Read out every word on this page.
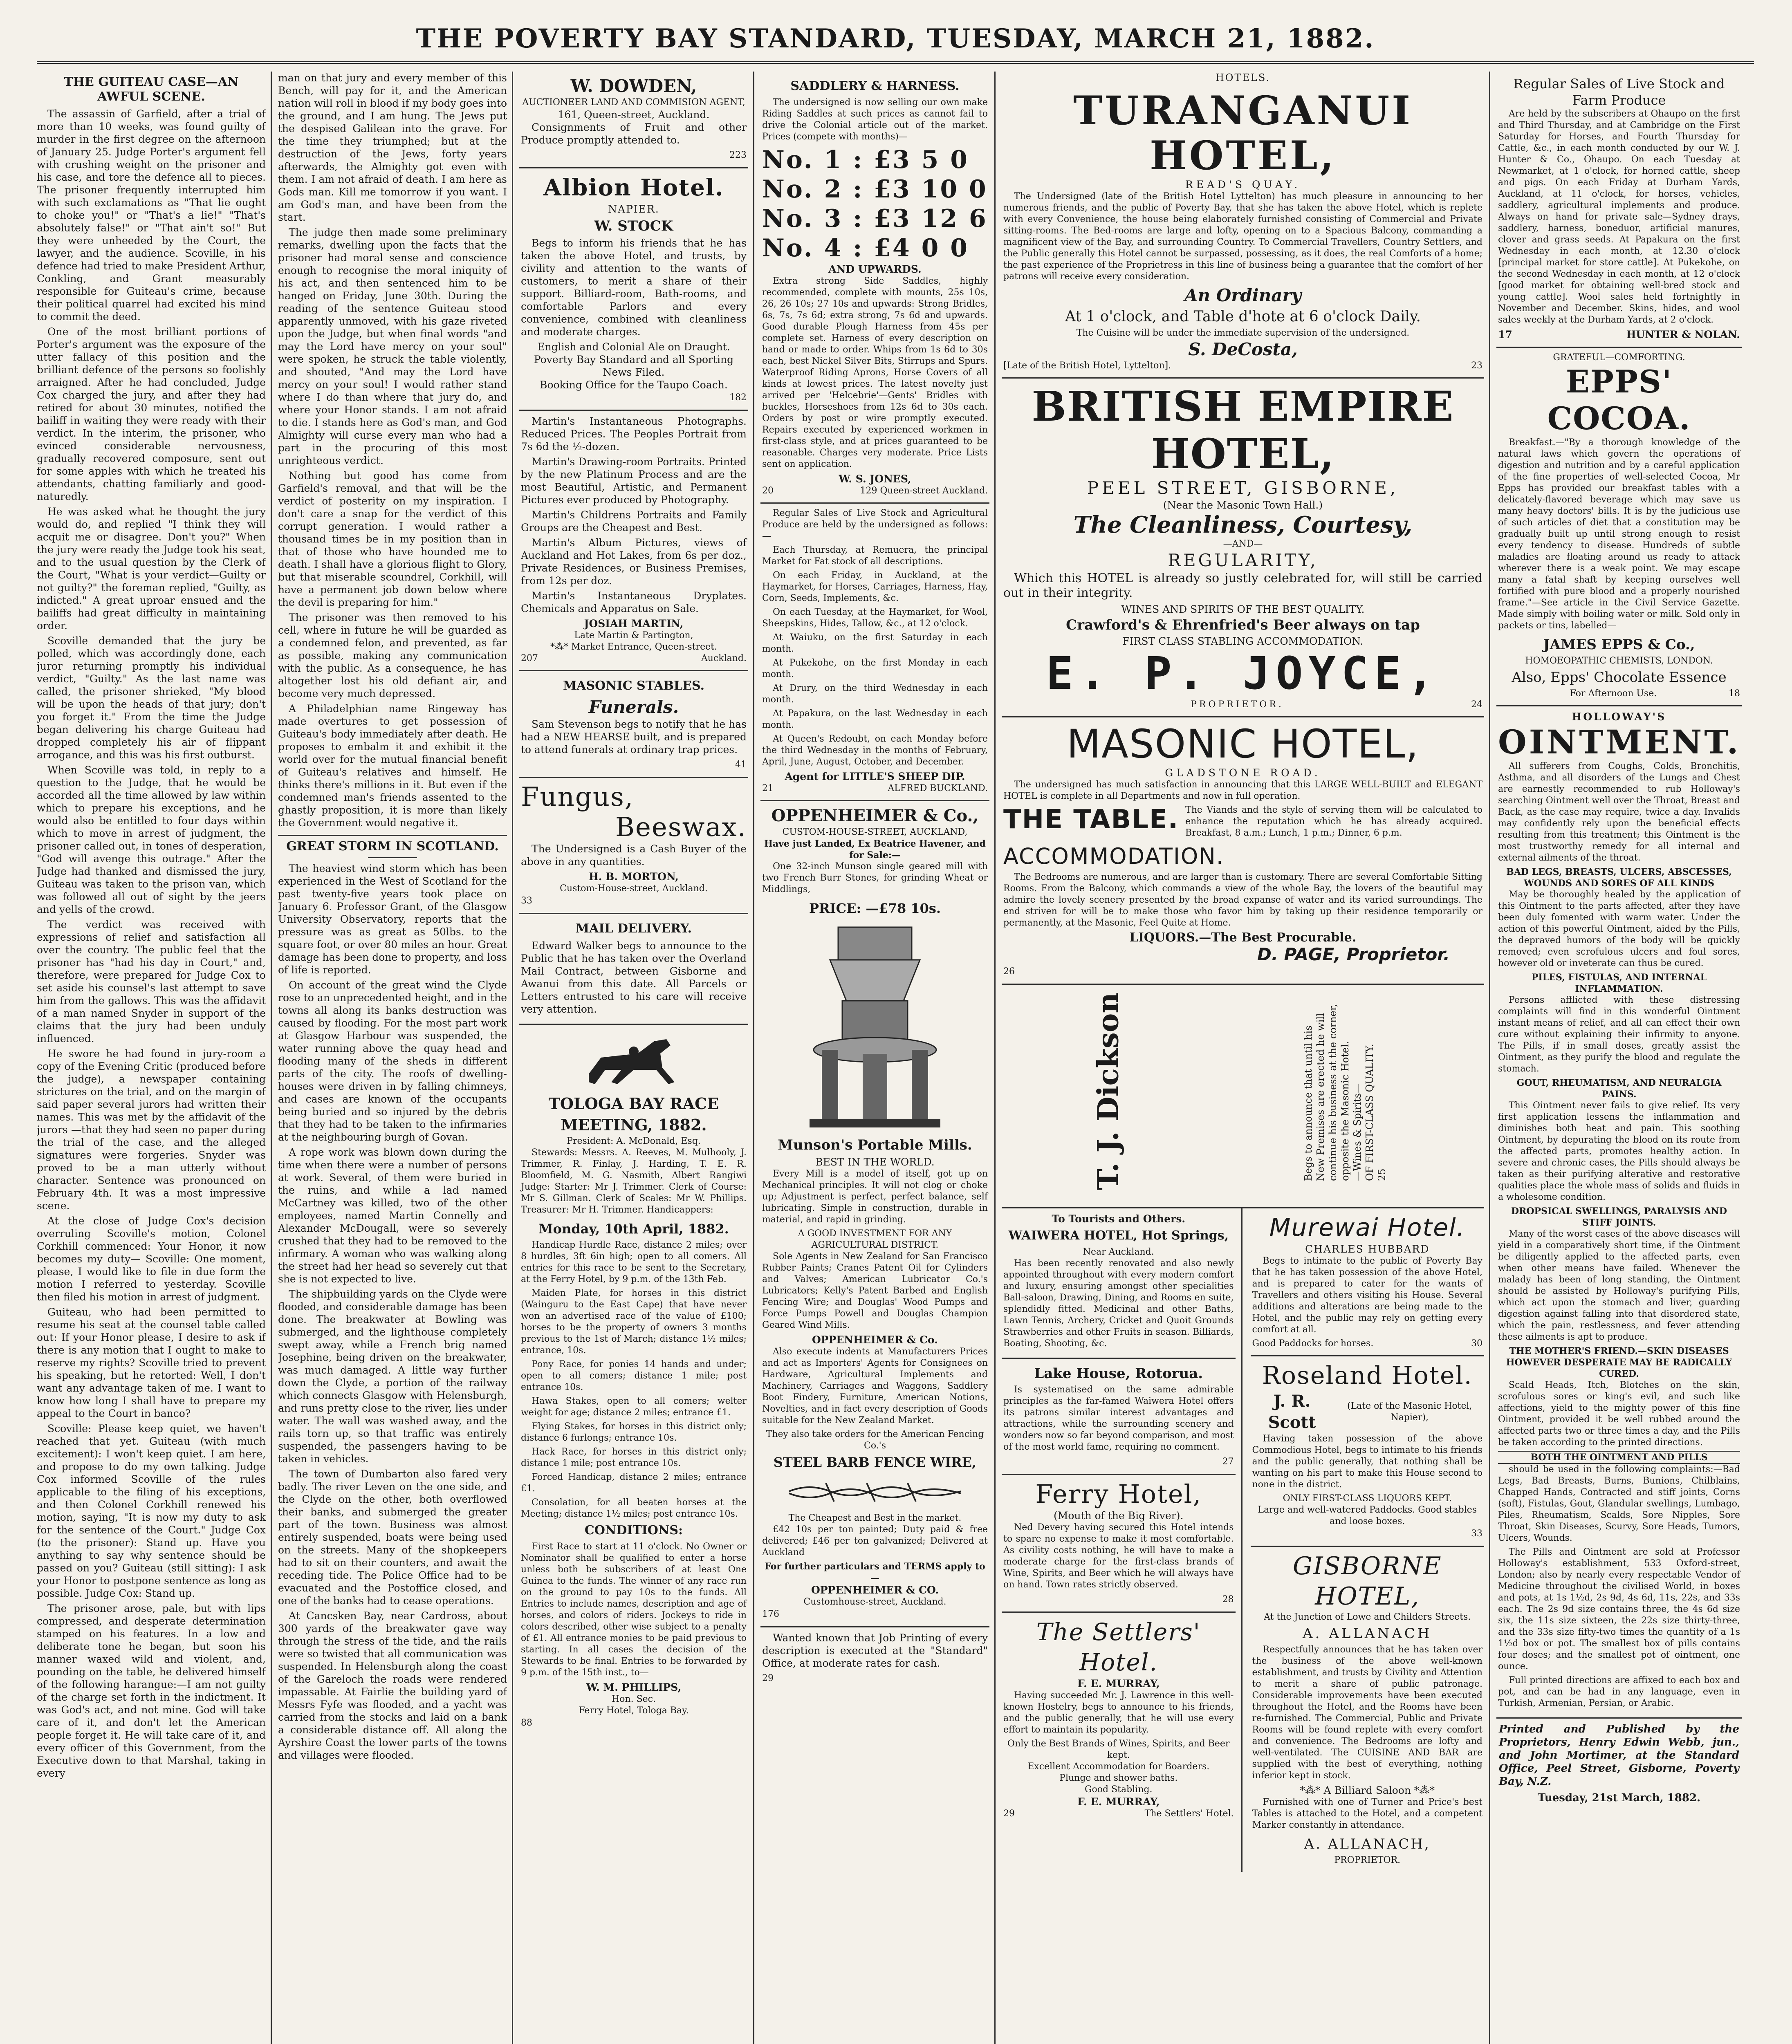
THE POVERTY BAY STANDARD, TUESDAY, MARCH 21, 1882.
THE GUITEAU CASE—AN AWFUL SCENE.

The assassin of Garfield, after a trial of more than 10 weeks, was found guilty of murder in the first degree on the afternoon of January 25. Judge Porter's argument fell with crushing weight on the prisoner and his case, and tore the defence all to pieces. The prisoner frequently interrupted him with such exclamations as "That lie ought to choke you!" or "That's a lie!" "That's absolutely false!" or "That ain't so!" But they were unheeded by the Court, the lawyer, and the audience. Scoville, in his defence had tried to make President Arthur, Conkling, and Grant measurably responsible for Guiteau's crime, because their political quarrel had excited his mind to commit the deed.

One of the most brilliant portions of Porter's argument was the exposure of the utter fallacy of this position and the brilliant defence of the persons so foolishly arraigned. After he had concluded, Judge Cox charged the jury, and after they had retired for about 30 minutes, notified the bailiff in waiting they were ready with their verdict. In the interim, the prisoner, who evinced considerable nervousness, gradually recovered composure, sent out for some apples with which he treated his attendants, chatting familiarly and good-naturedly.

He was asked what he thought the jury would do, and replied "I think they will acquit me or disagree. Don't you?" When the jury were ready the Judge took his seat, and to the usual question by the Clerk of the Court, "What is your verdict—Guilty or not guilty?" the foreman replied, "Guilty, as indicted." A great uproar ensued and the bailiffs had great difficulty in maintaining order.

Scoville demanded that the jury be polled, which was accordingly done, each juror returning promptly his individual verdict, "Guilty." As the last name was called, the prisoner shrieked, "My blood will be upon the heads of that jury; don't you forget it." From the time the Judge began delivering his charge Guiteau had dropped completely his air of flippant arrogance, and this was his first outburst.

When Scoville was told, in reply to a question to the Judge, that he would be accorded all the time allowed by law within which to prepare his exceptions, and he would also be entitled to four days within which to move in arrest of judgment, the prisoner called out, in tones of desperation, "God will avenge this outrage." After the Judge had thanked and dismissed the jury, Guiteau was taken to the prison van, which was followed all out of sight by the jeers and yells of the crowd.

The verdict was received with expressions of relief and satisfaction all over the country. The public feel that the prisoner has "had his day in Court," and, therefore, were prepared for Judge Cox to set aside his counsel's last attempt to save him from the gallows. This was the affidavit of a man named Snyder in support of the claims that the jury had been unduly influenced.

He swore he had found in jury-room a copy of the Evening Critic (produced before the judge), a newspaper containing strictures on the trial, and on the margin of said paper several jurors had written their names. This was met by the affidavit of the jurors —that they had seen no paper during the trial of the case, and the alleged signatures were forgeries. Snyder was proved to be a man utterly without character. Sentence was pronounced on February 4th. It was a most impressive scene.

At the close of Judge Cox's decision overruling Scoville's motion, Colonel Corkhill commenced: Your Honor, it now becomes my duty— Scoville: One moment, please, I would like to file in due form the motion I referred to yesterday. Scoville then filed his motion in arrest of judgment.

Guiteau, who had been permitted to resume his seat at the counsel table called out: If your Honor please, I desire to ask if there is any motion that I ought to make to reserve my rights? Scoville tried to prevent his speaking, but he retorted: Well, I don't want any advantage taken of me. I want to know how long I shall have to prepare my appeal to the Court in banco?

Scoville: Please keep quiet, we haven't reached that yet. Guiteau (with much excitement): I won't keep quiet. I am here, and propose to do my own talking. Judge Cox informed Scoville of the rules applicable to the filing of his exceptions, and then Colonel Corkhill renewed his motion, saying, "It is now my duty to ask for the sentence of the Court." Judge Cox (to the prisoner): Stand up. Have you anything to say why sentence should be passed on you? Guiteau (still sitting): I ask your Honor to postpone sentence as long as possible. Judge Cox: Stand up.

The prisoner arose, pale, but with lips compressed, and desperate determination stamped on his features. In a low and deliberate tone he began, but soon his manner waxed wild and violent, and, pounding on the table, he delivered himself of the following harangue:—I am not guilty of the charge set forth in the indictment. It was God's act, and not mine. God will take care of it, and don't let the American people forget it. He will take care of it, and every officer of this Government, from the Executive down to that Marshal, taking in every

man on that jury and every member of this Bench, will pay for it, and the American nation will roll in blood if my body goes into the ground, and I am hung. The Jews put the despised Galilean into the grave. For the time they triumphed; but at the destruction of the Jews, forty years afterwards, the Almighty got even with them. I am not afraid of death. I am here as Gods man. Kill me tomorrow if you want. I am God's man, and have been from the start.

The judge then made some preliminary remarks, dwelling upon the facts that the prisoner had moral sense and conscience enough to recognise the moral iniquity of his act, and then sentenced him to be hanged on Friday, June 30th. During the reading of the sentence Guiteau stood apparently unmoved, with his gaze riveted upon the Judge, but when final words "and may the Lord have mercy on your soul" were spoken, he struck the table violently, and shouted, "And may the Lord have mercy on your soul! I would rather stand where I do than where that jury do, and where your Honor stands. I am not afraid to die. I stands here as God's man, and God Almighty will curse every man who had a part in the procuring of this most unrighteous verdict.

Nothing but good has come from Garfield's removal, and that will be the verdict of posterity on my inspiration. I don't care a snap for the verdict of this corrupt generation. I would rather a thousand times be in my position than in that of those who have hounded me to death. I shall have a glorious flight to Glory, but that miserable scoundrel, Corkhill, will have a permanent job down below where the devil is preparing for him."

The prisoner was then removed to his cell, where in future he will be guarded as a condemned felon, and prevented, as far as possible, making any communication with the public. As a consequence, he has altogether lost his old defiant air, and become very much depressed.

A Philadelphian name Ringeway has made overtures to get possession of Guiteau's body immediately after death. He proposes to embalm it and exhibit it the world over for the mutual financial benefit of Guiteau's relatives and himself. He thinks there's millions in it. But even if the condemned man's friends assented to the ghastly proposition, it is more than likely the Government would negative it.

GREAT STORM IN SCOTLAND.

The heaviest wind storm which has been experienced in the West of Scotland for the past twenty-five years took place on January 6. Professor Grant, of the Glasgow University Observatory, reports that the pressure was as great as 50lbs. to the square foot, or over 80 miles an hour. Great damage has been done to property, and loss of life is reported.

On account of the great wind the Clyde rose to an unprecedented height, and in the towns all along its banks destruction was caused by flooding. For the most part work at Glasgow Harbour was suspended, the water running above the quay head and flooding many of the sheds in different parts of the city. The roofs of dwelling-houses were driven in by falling chimneys, and cases are known of the occupants being buried and so injured by the debris that they had to be taken to the infirmaries at the neighbouring burgh of Govan.

A rope work was blown down during the time when there were a number of persons at work. Several, of them were buried in the ruins, and while a lad named McCartney was killed, two of the other employees, named Martin Connelly and Alexander McDougall, were so severely crushed that they had to be removed to the infirmary. A woman who was walking along the street had her head so severely cut that she is not expected to live.

The shipbuilding yards on the Clyde were flooded, and considerable damage has been done. The breakwater at Bowling was submerged, and the lighthouse completely swept away, while a French brig named Josephine, being driven on the breakwater, was much damaged. A little way further down the Clyde, a portion of the railway which connects Glasgow with Helensburgh, and runs pretty close to the river, lies under water. The wall was washed away, and the rails torn up, so that traffic was entirely suspended, the passengers having to be taken in vehicles.

The town of Dumbarton also fared very badly. The river Leven on the one side, and the Clyde on the other, both overflowed their banks, and submerged the greater part of the town. Business was almost entirely suspended, boats were being used on the streets. Many of the shopkeepers had to sit on their counters, and await the receding tide. The Police Office had to be evacuated and the Postoffice closed, and one of the banks had to cease operations.

At Cancsken Bay, near Cardross, about 300 yards of the breakwater gave way through the stress of the tide, and the rails were so twisted that all communication was suspended. In Helensburgh along the coast of the Gareloch the roads were rendered impassable. At Fairlie the building yard of Messrs Fyfe was flooded, and a yacht was carried from the stocks and laid on a bank a considerable distance off. All along the Ayrshire Coast the lower parts of the towns and villages were flooded.

W. DOWDEN,
AUCTIONEER LAND AND COMMISION AGENT,
161, Queen-street, Auckland.

Consignments of Fruit and other Produce promptly attended to.

223
Albion Hotel.
NAPIER.
W. STOCK

Begs to inform his friends that he has taken the above Hotel, and trusts, by civility and attention to the wants of customers, to merit a share of their support. Billiard-room, Bath-rooms, and comfortable Parlors and every convenience, combined with cleanliness and moderate charges.

English and Colonial Ale on Draught.
Poverty Bay Standard and all Sporting News Filed.
Booking Office for the Taupo Coach.
182

Martin's Instantaneous Photographs. Reduced Prices. The Peoples Portrait from 7s 6d the ½-dozen.

Martin's Drawing-room Portraits. Printed by the new Platinum Process and are the most Beautiful, Artistic, and Permanent Pictures ever produced by Photography.

Martin's Childrens Portraits and Family Groups are the Cheapest and Best.

Martin's Album Pictures, views of Auckland and Hot Lakes, from 6s per doz., Private Residences, or Business Premises, from 12s per doz.

Martin's Instantaneous Dryplates. Chemicals and Apparatus on Sale.

JOSIAH MARTIN,
Late Martin & Partington,
*⁂* Market Entrance, Queen-street.
207	Auckland.
MASONIC STABLES.
Funerals.

Sam Stevenson begs to notify that he has had a NEW HEARSE built, and is prepared to attend funerals at ordinary trap prices.

41
Fungus,
Beeswax.

The Undersigned is a Cash Buyer of the above in any quantities.

H. B. MORTON,
Custom-House-street, Auckland.
33
MAIL DELIVERY.

Edward Walker begs to announce to the Public that he has taken over the Overland Mail Contract, between Gisborne and Awanui from this date. All Parcels or Letters entrusted to his care will receive very attention.

TOLOGA BAY RACE
MEETING, 1882.
President: A. McDonald, Esq.

Stewards: Messrs. A. Reeves, M. Mulhooly, J. Trimmer, R. Finlay, J. Harding, T. E. R. Bloomfield, M. G. Nasmith, Albert Rangiwi Judge: Starter: Mr J. Trimmer. Clerk of Course: Mr S. Gillman. Clerk of Scales: Mr W. Phillips. Treasurer: Mr H. Trimmer. Handicappers:

Monday, 10th April, 1882.

Handicap Hurdle Race, distance 2 miles; over 8 hurdles, 3ft 6in high; open to all comers. All entries for this race to be sent to the Secretary, at the Ferry Hotel, by 9 p.m. of the 13th Feb.

Maiden Plate, for horses in this district (Wainguru to the East Cape) that have never won an advertised race of the value of £100; horses to be the property of owners 3 months previous to the 1st of March; distance 1½ miles; entrance, 10s.

Pony Race, for ponies 14 hands and under; open to all comers; distance 1 mile; post entrance 10s.

Hawa Stakes, open to all comers; welter weight for age; distance 2 miles; entrance £1.

Flying Stakes, for horses in this district only; distance 6 furlongs; entrance 10s.

Hack Race, for horses in this district only; distance 1 mile; post entrance 10s.

Forced Handicap, distance 2 miles; entrance £1.

Consolation, for all beaten horses at the Meeting; distance 1½ miles; post entrance 10s.

CONDITIONS:

First Race to start at 11 o'clock. No Owner or Nominator shall be qualified to enter a horse unless both be subscribers of at least One Guinea to the funds. The winner of any race run on the ground to pay 10s to the funds. All Entries to include names, description and age of horses, and colors of riders. Jockeys to ride in colors described, other wise subject to a penalty of £1. All entrance monies to be paid previous to starting. In all cases the decision of the Stewards to be final. Entries to be forwarded by 9 p.m. of the 15th inst., to—

W. M. PHILLIPS,
Hon. Sec.
Ferry Hotel, Tologa Bay.
88
SADDLERY & HARNESS.

The undersigned is now selling our own make Riding Saddles at such prices as cannot fail to drive the Colonial article out of the market. Prices (compete with months)—

No. 1 : £3 5 0
No. 2 : £3 10 0
No. 3 : £3 12 6
No. 4 : £4 0 0
AND UPWARDS.

Extra strong Side Saddles, highly recommended, complete with mounts, 25s 10s, 26, 26 10s; 27 10s and upwards: Strong Bridles, 6s, 7s, 7s 6d; extra strong, 7s 6d and upwards. Good durable Plough Harness from 45s per complete set. Harness of every description on hand or made to order. Whips from 1s 6d to 30s each, best Nickel Silver Bits, Stirrups and Spurs. Waterproof Riding Aprons, Horse Covers of all kinds at lowest prices. The latest novelty just arrived per 'Helcebrie'—Gents' Bridles with buckles, Horseshoes from 12s 6d to 30s each. Orders by post or wire promptly executed. Repairs executed by experienced workmen in first-class style, and at prices guaranteed to be reasonable. Charges very moderate. Price Lists sent on application.

W. S. JONES,
20	129 Queen-street Auckland.

Regular Sales of Live Stock and Agricultural Produce are held by the undersigned as follows:—

Each Thursday, at Remuera, the principal Market for Fat stock of all descriptions.

On each Friday, in Auckland, at the Haymarket, for Horses, Carriages, Harness, Hay, Corn, Seeds, Implements, &c.

On each Tuesday, at the Haymarket, for Wool, Sheepskins, Hides, Tallow, &c., at 12 o'clock.

At Waiuku, on the first Saturday in each month.

At Pukekohe, on the first Monday in each month.

At Drury, on the third Wednesday in each month.

At Papakura, on the last Wednesday in each month.

At Queen's Redoubt, on each Monday before the third Wednesday in the months of February, April, June, August, October, and December.

Agent for LITTLE'S SHEEP DIP.
21	ALFRED BUCKLAND.
OPPENHEIMER & Co.,
CUSTOM-HOUSE-STREET, AUCKLAND,
Have just Landed, Ex Beatrice Havener, and for Sale:—

One 32-inch Munson single geared mill with two French Burr Stones, for grinding Wheat or Middlings,

PRICE: —£78 10s.
Munson's Portable Mills.
BEST IN THE WORLD.

Every Mill is a model of itself, got up on Mechanical principles. It will not clog or choke up; Adjustment is perfect, perfect balance, self lubricating. Simple in construction, durable in material, and rapid in grinding.

A GOOD INVESTMENT FOR ANY AGRICULTURAL DISTRICT.

Sole Agents in New Zealand for San Francisco Rubber Paints; Cranes Patent Oil for Cylinders and Valves; American Lubricator Co.'s Lubricators; Kelly's Patent Barbed and English Fencing Wire; and Douglas' Wood Pumps and Force Pumps Powell and Douglas Champion Geared Wind Mills.

OPPENHEIMER & Co.

Also execute indents at Manufacturers Prices and act as Importers' Agents for Consignees on Hardware, Agricultural Implements and Machinery, Carriages and Waggons, Saddlery Boot Findery, Furniture, American Notions, Novelties, and in fact every description of Goods suitable for the New Zealand Market.

They also take orders for the American Fencing Co.'s
STEEL BARB FENCE WIRE,
The Cheapest and Best in the market.

£42 10s per ton painted; Duty paid & free delivered; £46 per ton galvanized; Delivered at Auckland

For further particulars and TERMS apply to—
OPPENHEIMER & CO.
Customhouse-street, Auckland.
176

Wanted known that Job Printing of every description is executed at the "Standard" Office, at moderate rates for cash.

29
HOTELS.
TURANGANUI HOTEL,
READ'S QUAY.

The Undersigned (late of the British Hotel Lyttelton) has much pleasure in announcing to her numerous friends, and the public of Poverty Bay, that she has taken the above Hotel, which is replete with every Convenience, the house being elaborately furnished consisting of Commercial and Private sitting-rooms. The Bed-rooms are large and lofty, opening on to a Spacious Balcony, commanding a magnificent view of the Bay, and surrounding Country. To Commercial Travellers, Country Settlers, and the Public generally this Hotel cannot be surpassed, possessing, as it does, the real Comforts of a home; the past experience of the Proprietress in this line of business being a guarantee that the comfort of her patrons will receive every consideration.

An Ordinary
At 1 o'clock, and Table d'hote at 6 o'clock Daily.
The Cuisine will be under the immediate supervision of the undersigned.
S. DeCosta,
[Late of the British Hotel, Lyttelton].	23
BRITISH EMPIRE HOTEL,
PEEL STREET, GISBORNE,
(Near the Masonic Town Hall.)
The Cleanliness, Courtesy,
—AND—
REGULARITY,

Which this HOTEL is already so justly celebrated for, will still be carried out in their integrity.

WINES AND SPIRITS OF THE BEST QUALITY.
Crawford's & Ehrenfried's Beer always on tap
FIRST CLASS STABLING ACCOMMODATION.
E. P. JOYCE,
PROPRIETOR.	24
MASONIC HOTEL,
GLADSTONE ROAD.

The undersigned has much satisfaction in announcing that this LARGE WELL-BUILT and ELEGANT HOTEL is complete in all Departments and now in full operation.

THE TABLE. The Viands and the style of serving them will be calculated to enhance the reputation which he has already acquired. Breakfast, 8 a.m.; Lunch, 1 p.m.; Dinner, 6 p.m.

ACCOMMODATION.

The Bedrooms are numerous, and are larger than is customary. There are several Comfortable Sitting Rooms. From the Balcony, which commands a view of the whole Bay, the lovers of the beautiful may admire the lovely scenery presented by the broad expanse of water and its varied surroundings. The end striven for will be to make those who favor him by taking up their residence temporarily or permanently, at the Masonic, Feel Quite at Home.

LIQUORS.—The Best Procurable.
D. PAGE, Proprietor.
26
T. J. Dickson	Begs to announce that until his New Premises are erected he will continue his business at the corner, opposite the Masonic Hotel. —Wines & Spirits— OF FIRST-CLASS QUALITY. 25
To Tourists and Others.
WAIWERA HOTEL, Hot Springs,
Near Auckland.

Has been recently renovated and also newly appointed throughout with every modern comfort and luxury, ensuring amongst other specialities Ball-saloon, Drawing, Dining, and Rooms en suite, splendidly fitted. Medicinal and other Baths, Lawn Tennis, Archery, Cricket and Quoit Grounds Strawberries and other Fruits in season. Billiards, Boating, Shooting, &c.

Lake House, Rotorua.

Is systematised on the same admirable principles as the far-famed Waiwera Hotel offers its patrons similar interest advantages and attractions, while the surrounding scenery and wonders now so far beyond comparison, and most of the most world fame, requiring no comment.

27
Ferry Hotel,
(Mouth of the Big River).

Ned Devery having secured this Hotel intends to spare no expense to make it most comfortable. As civility costs nothing, he will have to make a moderate charge for the first-class brands of Wine, Spirits, and Beer which he will always have on hand. Town rates strictly observed.

28
The Settlers' Hotel.
F. E. MURRAY,

Having succeeded Mr. J. Lawrence in this well-known Hostelry, begs to announce to his friends, and the public generally, that he will use every effort to maintain its popularity.

Only the Best Brands of Wines, Spirits, and Beer kept.
Excellent Accommodation for Boarders.
Plunge and shower baths.
Good Stabling.
F. E. MURRAY,
29	The Settlers' Hotel.
Murewai Hotel.
CHARLES HUBBARD

Begs to intimate to the public of Poverty Bay that he has taken possession of the above Hotel, and is prepared to cater for the wants of Travellers and others visiting his House. Several additions and alterations are being made to the Hotel, and the public may rely on getting every comfort at all.

Good Paddocks for horses.	30
Roseland Hotel.
J. R. Scott
(Late of the Masonic Hotel, Napier),

Having taken possession of the above Commodious Hotel, begs to intimate to his friends and the public generally, that nothing shall be wanting on his part to make this House second to none in the district.

ONLY FIRST-CLASS LIQUORS KEPT.
Large and well-watered Paddocks. Good stables and loose boxes.
33
GISBORNE HOTEL,
At the Junction of Lowe and Childers Streets.
A. ALLANACH

Respectfully announces that he has taken over the business of the above well-known establishment, and trusts by Civility and Attention to merit a share of public patronage. Considerable improvements have been executed throughout the Hotel, and the Rooms have been re-furnished. The Commercial, Public and Private Rooms will be found replete with every comfort and convenience. The Bedrooms are lofty and well-ventilated. The CUISINE AND BAR are supplied with the best of everything, nothing inferior kept in stock.

*⁂* A Billiard Saloon *⁂*

Furnished with one of Turner and Price's best Tables is attached to the Hotel, and a competent Marker constantly in attendance.

A. ALLANACH,
PROPRIETOR.
Regular Sales of Live Stock and Farm Produce

Are held by the subscribers at Ohaupo on the first and Third Thursday, and at Cambridge on the First Saturday for Horses, and Fourth Thursday for Cattle, &c., in each month conducted by our W. J. Hunter & Co., Ohaupo. On each Tuesday at Newmarket, at 1 o'clock, for horned cattle, sheep and pigs. On each Friday at Durham Yards, Auckland, at 11 o'clock, for horses, vehicles, saddlery, agricultural implements and produce. Always on hand for private sale—Sydney drays, saddlery, harness, boneduor, artificial manures, clover and grass seeds. At Papakura on the first Wednesday in each month, at 12.30 o'clock [principal market for store cattle]. At Pukekohe, on the second Wednesday in each month, at 12 o'clock [good market for obtaining well-bred stock and young cattle]. Wool sales held fortnightly in November and December. Skins, hides, and wool sales weekly at the Durham Yards, at 2 o'clock.

17	HUNTER & NOLAN.
GRATEFUL—COMFORTING.
EPPS' COCOA.

Breakfast.—"By a thorough knowledge of the natural laws which govern the operations of digestion and nutrition and by a careful application of the fine properties of well-selected Cocoa, Mr Epps has provided our breakfast tables with a delicately-flavored beverage which may save us many heavy doctors' bills. It is by the judicious use of such articles of diet that a constitution may be gradually built up until strong enough to resist every tendency to disease. Hundreds of subtle maladies are floating around us ready to attack wherever there is a weak point. We may escape many a fatal shaft by keeping ourselves well fortified with pure blood and a properly nourished frame."—See article in the Civil Service Gazette. Made simply with boiling water or milk. Sold only in packets or tins, labelled—

JAMES EPPS & Co.,
HOMOEOPATHIC CHEMISTS, LONDON.
Also, Epps' Chocolate Essence
For Afternoon Use.	18
HOLLOWAY'S
OINTMENT.

All sufferers from Coughs, Colds, Bronchitis, Asthma, and all disorders of the Lungs and Chest are earnestly recommended to rub Holloway's searching Ointment well over the Throat, Breast and Back, as the case may require, twice a day. Invalids may confidently rely upon the beneficial effects resulting from this treatment; this Ointment is the most trustworthy remedy for all internal and external ailments of the throat.

BAD LEGS, BREASTS, ULCERS, ABSCESSES, WOUNDS AND SORES OF ALL KINDS

May be thoroughly healed by the application of this Ointment to the parts affected, after they have been duly fomented with warm water. Under the action of this powerful Ointment, aided by the Pills, the depraved humors of the body will be quickly removed; even scrofulous ulcers and foul sores, however old or inveterate can thus be cured.

PILES, FISTULAS, AND INTERNAL INFLAMMATION.

Persons afflicted with these distressing complaints will find in this wonderful Ointment instant means of relief, and all can effect their own cure without explaining their infirmity to anyone. The Pills, if in small doses, greatly assist the Ointment, as they purify the blood and regulate the stomach.

GOUT, RHEUMATISM, AND NEURALGIA PAINS.

This Ointment never fails to give relief. Its very first application lessens the inflammation and diminishes both heat and pain. This soothing Ointment, by depurating the blood on its route from the affected parts, promotes healthy action. In severe and chronic cases, the Pills should always be taken as their purifying alterative and restorative qualities place the whole mass of solids and fluids in a wholesome condition.

DROPSICAL SWELLINGS, PARALYSIS AND STIFF JOINTS.

Many of the worst cases of the above diseases will yield in a comparatively short time, if the Ointment be diligently applied to the affected parts, even when other means have failed. Whenever the malady has been of long standing, the Ointment should be assisted by Holloway's purifying Pills, which act upon the stomach and liver, guarding digestion against falling into that disordered state, which the pain, restlessness, and fever attending these ailments is apt to produce.

THE MOTHER'S FRIEND.—SKIN DISEASES HOWEVER DESPERATE MAY BE RADICALLY CURED.

Scald Heads, Itch, Blotches on the skin, scrofulous sores or king's evil, and such like affections, yield to the mighty power of this fine Ointment, provided it be well rubbed around the affected parts two or three times a day, and the Pills be taken according to the printed directions.

BOTH THE OINTMENT AND PILLS

should be used in the following complaints:—Bad Legs, Bad Breasts, Burns, Bunions, Chilblains, Chapped Hands, Contracted and stiff joints, Corns (soft), Fistulas, Gout, Glandular swellings, Lumbago, Piles, Rheumatism, Scalds, Sore Nipples, Sore Throat, Skin Diseases, Scurvy, Sore Heads, Tumors, Ulcers, Wounds.

The Pills and Ointment are sold at Professor Holloway's establishment, 533 Oxford-street, London; also by nearly every respectable Vendor of Medicine throughout the civilised World, in boxes and pots, at 1s 1½d, 2s 9d, 4s 6d, 11s, 22s, and 33s each. The 2s 9d size contains three, the 4s 6d size six, the 11s size sixteen, the 22s size thirty-three, and the 33s size fifty-two times the quantity of a 1s 1½d box or pot. The smallest box of pills contains four doses; and the smallest pot of ointment, one ounce.

Full printed directions are affixed to each box and pot, and can be had in any language, even in Turkish, Armenian, Persian, or Arabic.

Printed and Published by the Proprietors, Henry Edwin Webb, jun., and John Mortimer, at the Standard Office, Peel Street, Gisborne, Poverty Bay, N.Z.
Tuesday, 21st March, 1882.
